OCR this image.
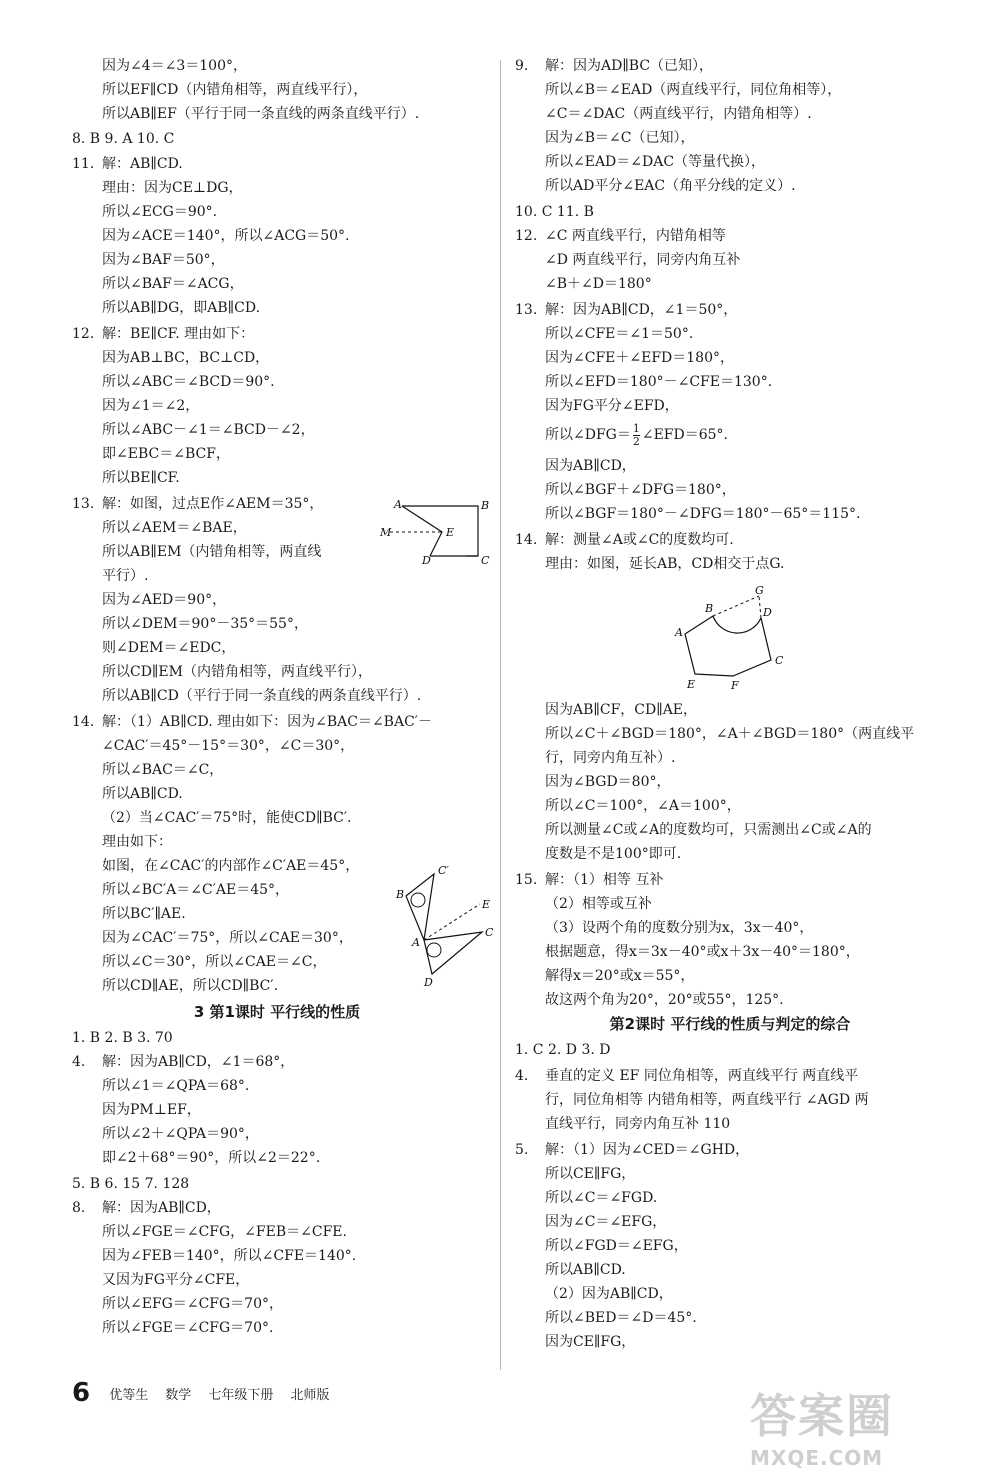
因为∠4＝∠3＝100°，
所以EF∥CD（内错角相等，两直线平行），
所以AB∥EF（平行于同一条直线的两条直线平行）.
8. B 9. A 10. C
11. 解：AB∥CD.
理由：因为CE⊥DG，
所以∠ECG＝90°.
因为∠ACE＝140°，所以∠ACG＝50°.
因为∠BAF＝50°，
所以∠BAF＝∠ACG，
所以AB∥DG，即AB∥CD.
12. 解：BE∥CF. 理由如下：
因为AB⊥BC，BC⊥CD，
所以∠ABC＝∠BCD＝90°.
因为∠1＝∠2，
所以∠ABC－∠1＝∠BCD－∠2，
即∠EBC＝∠BCF，
所以BE∥CF.
13. 解：如图，过点E作∠AEM＝35°，
所以∠AEM＝∠BAE，
所以AB∥EM（内错角相等，两直线
平行）.
因为∠AED＝90°，
所以∠DEM＝90°－35°＝55°，
则∠DEM＝∠EDC，
所以CD∥EM（内错角相等，两直线平行），
所以AB∥CD（平行于同一条直线的两条直线平行）.
14. 解：（1）AB∥CD. 理由如下：因为∠BAC＝∠BAC′－
∠CAC′＝45°－15°＝30°，∠C＝30°，
所以∠BAC＝∠C，
所以AB∥CD.
（2）当∠CAC′＝75°时，能使CD∥BC′.
理由如下：
如图，在∠CAC′的内部作∠C′AE＝45°，
所以∠BC′A＝∠C′AE＝45°，
所以BC′∥AE.
因为∠CAC′＝75°，所以∠CAE＝30°，
所以∠C＝30°，所以∠CAE＝∠C，
所以CD∥AE，所以CD∥BC′.
3 第1课时 平行线的性质
1. B 2. B 3. 70
4. 解：因为AB∥CD，∠1＝68°，
所以∠1＝∠QPA＝68°.
因为PM⊥EF，
所以∠2＋∠QPA＝90°，
即∠2＋68°＝90°，所以∠2＝22°.
5. B 6. 15 7. 128
8. 解：因为AB∥CD，
所以∠FGE＝∠CFG，∠FEB＝∠CFE.
因为∠FEB＝140°，所以∠CFE＝140°.
又因为FG平分∠CFE，
所以∠EFG＝∠CFG＝70°，
所以∠FGE＝∠CFG＝70°.
A	B
M	E
D	C
C′
B
E
A
C
D
9. 解：因为AD∥BC（已知），
所以∠B＝∠EAD（两直线平行，同位角相等），
∠C＝∠DAC（两直线平行，内错角相等）.
因为∠B＝∠C（已知），
所以∠EAD＝∠DAC（等量代换），
所以AD平分∠EAC（角平分线的定义）.
10. C 11. B
12. ∠C 两直线平行，内错角相等
∠D 两直线平行，同旁内角互补
∠B＋∠D＝180°
13. 解：因为AB∥CD，∠1＝50°，
所以∠CFE＝∠1＝50°.
因为∠CFE＋∠EFD＝180°，
所以∠EFD＝180°－∠CFE＝130°.
因为FG平分∠EFD，
所以∠DFG＝ $\frac{1}{2}$ ∠EFD＝65°.
因为AB∥CD，
所以∠BGF＋∠DFG＝180°，
所以∠BGF＝180°－∠DFG＝180°－65°＝115°.
14. 解：测量∠A或∠C的度数均可.
理由：如图，延长AB，CD相交于点G.
G
B	D
A
C
E	F
因为AB∥CF，CD∥AE，
所以∠C＋∠BGD＝180°，∠A＋∠BGD＝180°（两直线平
行，同旁内角互补）.
因为∠BGD＝80°，
所以∠C＝100°，∠A＝100°，
所以测量∠C或∠A的度数均可，只需测出∠C或∠A的
度数是不是100°即可.
15. 解：（1）相等 互补
（2）相等或互补
（3）设两个角的度数分别为x，3x－40°，
根据题意，得x＝3x－40°或x＋3x－40°＝180°，
解得x＝20°或x＝55°，
故这两个角为20°，20°或55°，125°.
第2课时 平行线的性质与判定的综合
1. C 2. D 3. D
4. 垂直的定义 EF 同位角相等，两直线平行 两直线平
行，同位角相等 内错角相等，两直线平行 ∠AGD 两
直线平行，同旁内角互补 110
5. 解：（1）因为∠CED＝∠GHD，
所以CE∥FG，
所以∠C＝∠FGD.
因为∠C＝∠EFG，
所以∠FGD＝∠EFG，
所以AB∥CD.
（2）因为AB∥CD，
所以∠BED＝∠D＝45°.
因为CE∥FG，
6 优等生 数学 七年级下册 北师版	答案圈
MXQE.COM
